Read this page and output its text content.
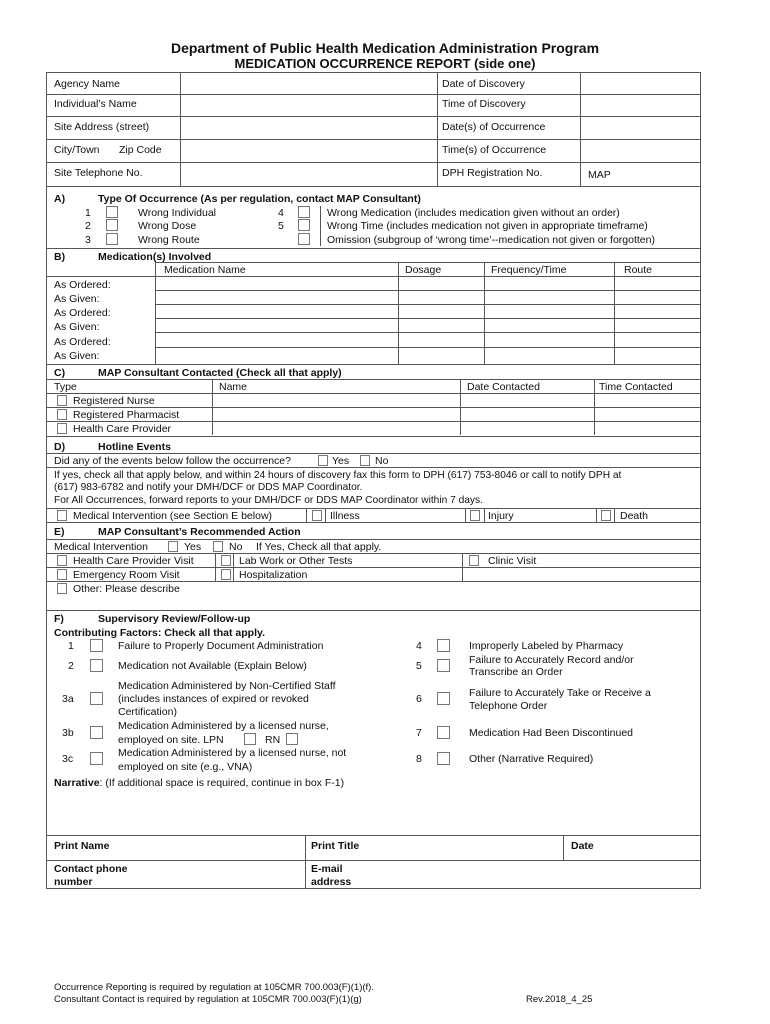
Department of Public Health Medication Administration Program
MEDICATION OCCURRENCE REPORT (side one)
Agency Name	Date of Discovery
Individual’s Name	Time of Discovery
Site Address (street)	Date(s) of Occurrence
City/Town Zip Code	Time(s) of Occurrence
Site Telephone No.	DPH Registration No.	MAP
A)	Type Of Occurrence (As per regulation, contact MAP Consultant)
1	Wrong Individual
2	Wrong Dose
3	Wrong Route
4	Wrong Medication (includes medication given without an order)
5	Wrong Time (includes medication not given in appropriate timeframe)
Omission (subgroup of ‘wrong time’--medication not given or forgotten)
B)	Medication(s) Involved
Medication Name	Dosage	Frequency/Time	Route
As Ordered:
As Given:
As Ordered:
As Given:
As Ordered:
As Given:
C)	MAP Consultant Contacted (Check all that apply)
Type	Name	Date Contacted	Time Contacted
Registered Nurse
Registered Pharmacist
Health Care Provider
D)	Hotline Events
Did any of the events below follow the occurrence?	Yes No
If yes, check all that apply below, and within 24 hours of discovery fax this form to DPH (617) 753-8046 or call to notify DPH at
(617) 983-6782 and notify your DMH/DCF or DDS MAP Coordinator.
For All Occurrences, forward reports to your DMH/DCF or DDS MAP Coordinator within 7 days.
Medical Intervention (see Section E below)	Illness	Injury	Death
E)	MAP Consultant’s Recommended Action
Medical Intervention	Yes	No If Yes, Check all that apply.
Health Care Provider Visit	Lab Work or Other Tests	Clinic Visit
Emergency Room Visit	Hospitalization
Other: Please describe
F)	Supervisory Review/Follow-up
Contributing Factors: Check all that apply.
1	Failure to Properly Document Administration
2	Medication not Available (Explain Below)
3a
Medication Administered by Non-Certified Staff
(includes instances of expired or revoked
Certification)
3b
Medication Administered by a licensed nurse,
employed on site. LPN	RN
3c	Medication Administered by a licensed nurse, not
employed on site (e.g., VNA)
4	Improperly Labeled by Pharmacy
5	Failure to Accurately Record and/or
Transcribe an Order
6	Failure to Accurately Take or Receive a
Telephone Order
7	Medication Had Been Discontinued
8	Other (Narrative Required)
Narrative: (If additional space is required, continue in box F-1)
Print Name	Print Title	Date
Contact phone
number
E-mail
address
Occurrence Reporting is required by regulation at 105CMR 700.003(F)(1)(f).
Consultant Contact is required by regulation at 105CMR 700.003(F)(1)(g)	Rev.2018_4_25
